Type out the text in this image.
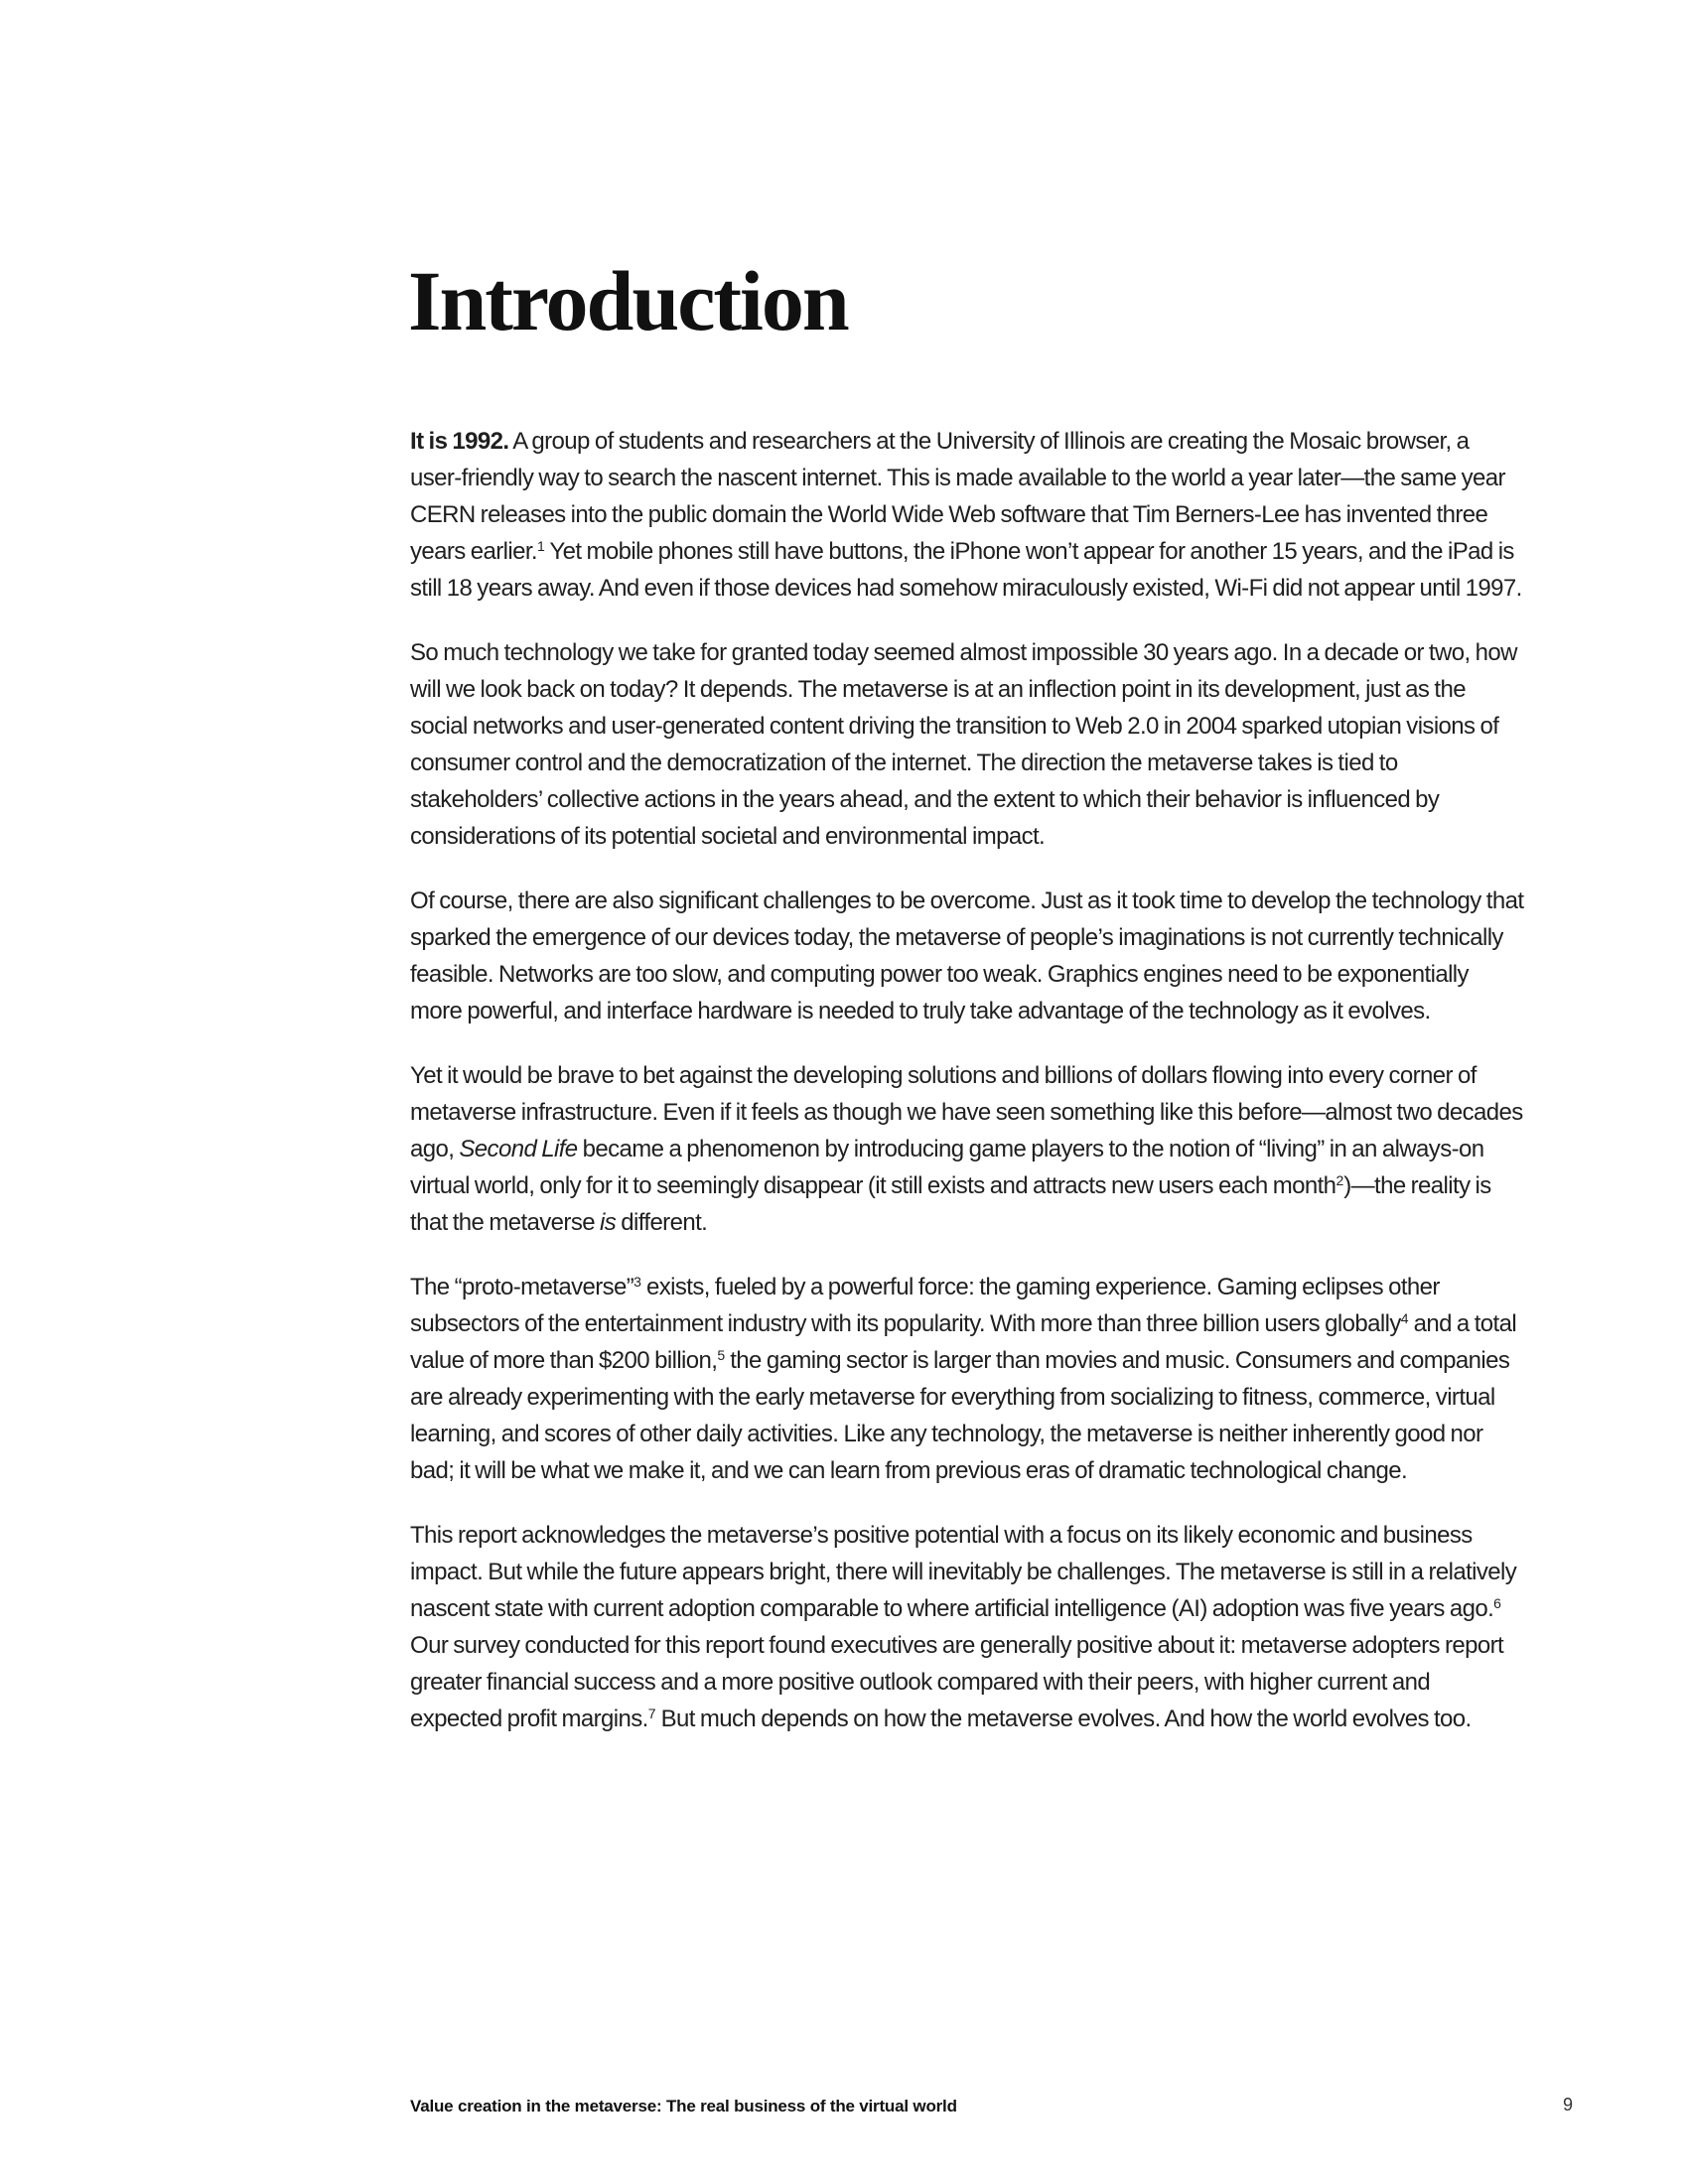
Introduction

It is 1992. A group of students and researchers at the University of Illinois are creating the Mosaic browser, a user-friendly way to search the nascent internet. This is made available to the world a year later—the same year CERN releases into the public domain the World Wide Web software that Tim Berners-Lee has invented three years earlier.$^1$ Yet mobile phones still have buttons, the iPhone won’t appear for another 15 years, and the iPad is still 18 years away. And even if those devices had somehow miraculously existed, Wi-Fi did not appear until 1997.

So much technology we take for granted today seemed almost impossible 30 years ago. In a decade or two, how will we look back on today? It depends. The metaverse is at an inflection point in its development, just as the social networks and user-generated content driving the transition to Web 2.0 in 2004 sparked utopian visions of consumer control and the democratization of the internet. The direction the metaverse takes is tied to stakeholders’ collective actions in the years ahead, and the extent to which their behavior is influenced by considerations of its potential societal and environmental impact.

Of course, there are also significant challenges to be overcome. Just as it took time to develop the technology that sparked the emergence of our devices today, the metaverse of people’s imaginations is not currently technically feasible. Networks are too slow, and computing power too weak. Graphics engines need to be exponentially more powerful, and interface hardware is needed to truly take advantage of the technology as it evolves.

Yet it would be brave to bet against the developing solutions and billions of dollars flowing into every corner of metaverse infrastructure. Even if it feels as though we have seen something like this before—almost two decades ago, Second Life became a phenomenon by introducing game players to the notion of “living” in an always-on virtual world, only for it to seemingly disappear (it still exists and attracts new users each month$^2$)—the reality is that the metaverse is different.

The “proto-metaverse”$^3$ exists, fueled by a powerful force: the gaming experience. Gaming eclipses other subsectors of the entertainment industry with its popularity. With more than three billion users globally$^4$ and a total value of more than $200 billion,$^5$ the gaming sector is larger than movies and music. Consumers and companies are already experimenting with the early metaverse for everything from socializing to fitness, commerce, virtual learning, and scores of other daily activities. Like any technology, the metaverse is neither inherently good nor bad; it will be what we make it, and we can learn from previous eras of dramatic technological change.

This report acknowledges the metaverse’s positive potential with a focus on its likely economic and business impact. But while the future appears bright, there will inevitably be challenges. The metaverse is still in a relatively nascent state with current adoption comparable to where artificial intelligence (AI) adoption was five years ago.$^6$ Our survey conducted for this report found executives are generally positive about it: metaverse adopters report greater financial success and a more positive outlook compared with their peers, with higher current and expected profit margins.$^7$ But much depends on how the metaverse evolves. And how the world evolves too.

Value creation in the metaverse: The real business of the virtual world	9
